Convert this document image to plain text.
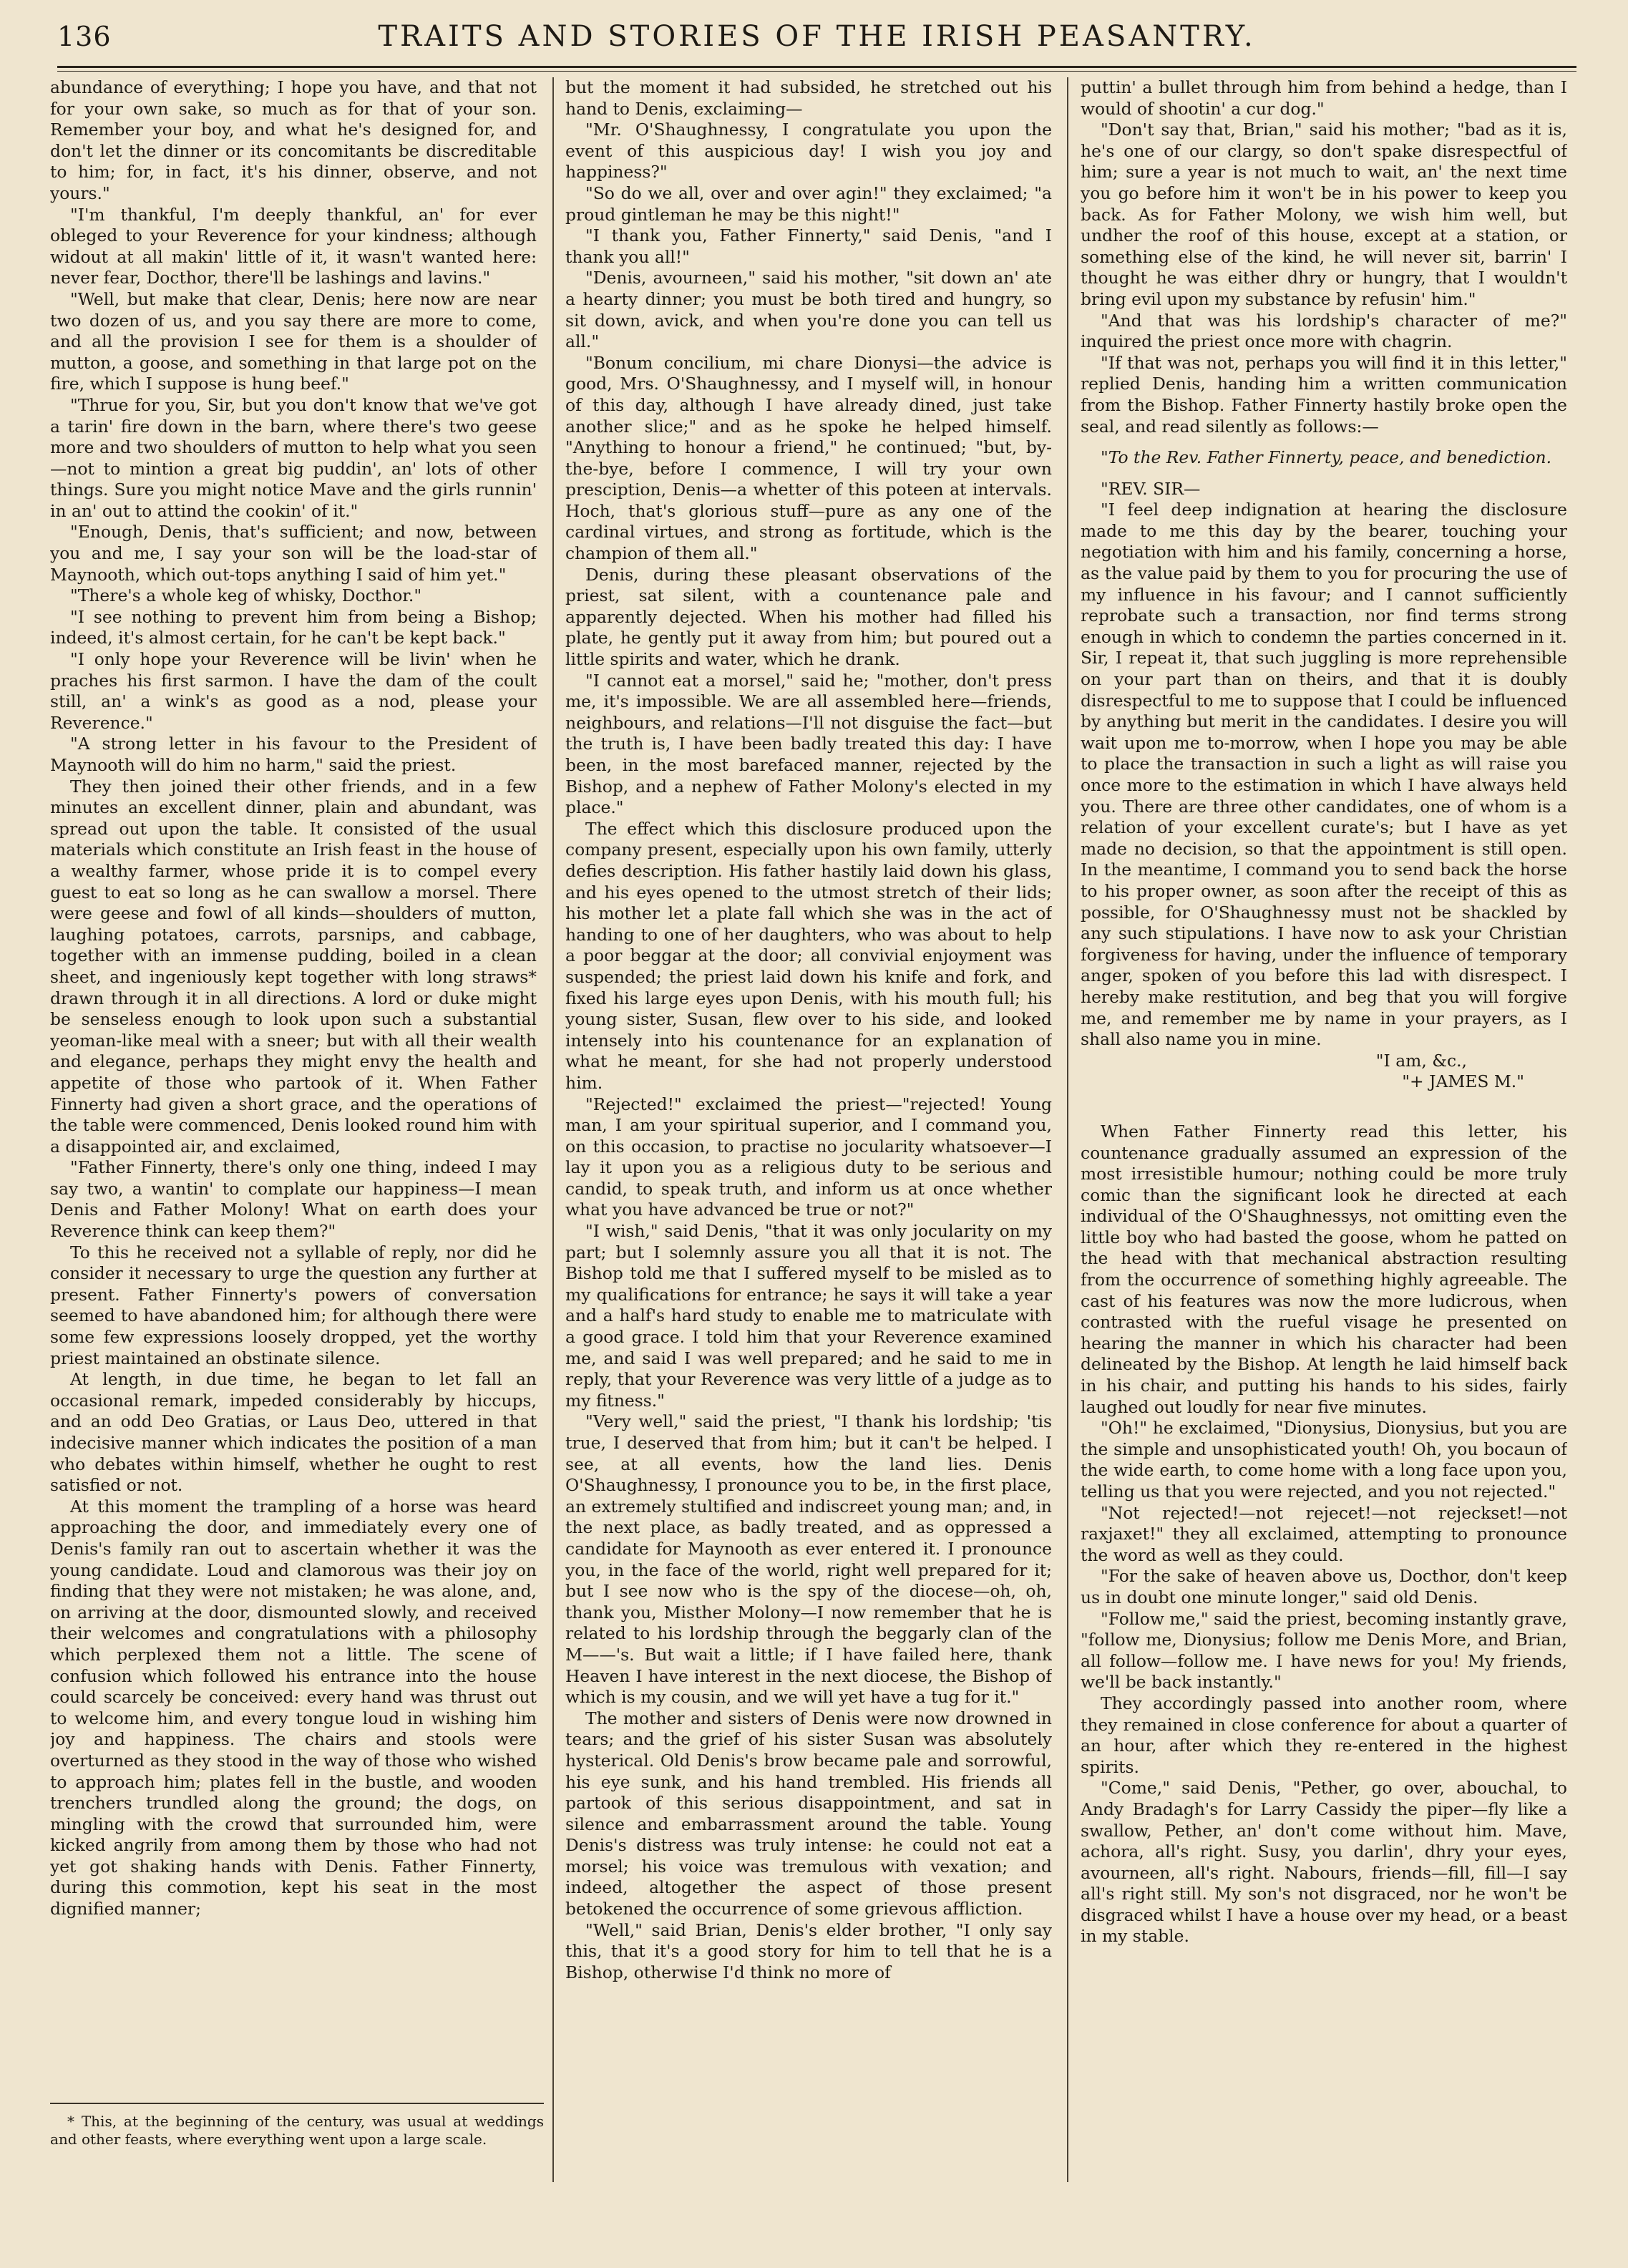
136	TRAITS AND STORIES OF THE IRISH PEASANTRY.

abundance of everything; I hope you have, and that not for your own sake, so much as for that of your son. Remember your boy, and what he's designed for, and don't let the dinner or its concomitants be discreditable to him; for, in fact, it's his dinner, observe, and not yours."

"I'm thankful, I'm deeply thankful, an' for ever obleged to your Reverence for your kindness; although widout at all makin' little of it, it wasn't wanted here: never fear, Docthor, there'll be lashings and lavins."

"Well, but make that clear, Denis; here now are near two dozen of us, and you say there are more to come, and all the provision I see for them is a shoulder of mutton, a goose, and something in that large pot on the fire, which I suppose is hung beef."

"Thrue for you, Sir, but you don't know that we've got a tarin' fire down in the barn, where there's two geese more and two shoulders of mutton to help what you seen—not to mintion a great big puddin', an' lots of other things. Sure you might notice Mave and the girls runnin' in an' out to attind the cookin' of it."

"Enough, Denis, that's sufficient; and now, between you and me, I say your son will be the load-star of Maynooth, which out-tops anything I said of him yet."

"There's a whole keg of whisky, Docthor."

"I see nothing to prevent him from being a Bishop; indeed, it's almost certain, for he can't be kept back."

"I only hope your Reverence will be livin' when he praches his first sarmon. I have the dam of the coult still, an' a wink's as good as a nod, please your Reverence."

"A strong letter in his favour to the President of Maynooth will do him no harm," said the priest.

They then joined their other friends, and in a few minutes an excellent dinner, plain and abundant, was spread out upon the table. It consisted of the usual materials which constitute an Irish feast in the house of a wealthy farmer, whose pride it is to compel every guest to eat so long as he can swallow a morsel. There were geese and fowl of all kinds—shoulders of mutton, laughing potatoes, carrots, parsnips, and cabbage, together with an immense pudding, boiled in a clean sheet, and ingeniously kept together with long straws* drawn through it in all directions. A lord or duke might be senseless enough to look upon such a substantial yeoman-like meal with a sneer; but with all their wealth and elegance, perhaps they might envy the health and appetite of those who partook of it. When Father Finnerty had given a short grace, and the operations of the table were commenced, Denis looked round him with a disappointed air, and exclaimed,

"Father Finnerty, there's only one thing, indeed I may say two, a wantin' to complate our happiness—I mean Denis and Father Molony! What on earth does your Reverence think can keep them?"

To this he received not a syllable of reply, nor did he consider it necessary to urge the question any further at present. Father Finnerty's powers of conversation seemed to have abandoned him; for although there were some few expressions loosely dropped, yet the worthy priest maintained an obstinate silence.

At length, in due time, he began to let fall an occasional remark, impeded considerably by hiccups, and an odd Deo Gratias, or Laus Deo, uttered in that indecisive manner which indicates the position of a man who debates within himself, whether he ought to rest satisfied or not.

At this moment the trampling of a horse was heard approaching the door, and immediately every one of Denis's family ran out to ascertain whether it was the young candidate. Loud and clamorous was their joy on finding that they were not mistaken; he was alone, and, on arriving at the door, dismounted slowly, and received their welcomes and congratulations with a philosophy which perplexed them not a little. The scene of confusion which followed his entrance into the house could scarcely be conceived: every hand was thrust out to welcome him, and every tongue loud in wishing him joy and happiness. The chairs and stools were overturned as they stood in the way of those who wished to approach him; plates fell in the bustle, and wooden trenchers trundled along the ground; the dogs, on mingling with the crowd that surrounded him, were kicked angrily from among them by those who had not yet got shaking hands with Denis. Father Finnerty, during this commotion, kept his seat in the most dignified manner;

* This, at the beginning of the century, was usual at weddings and other feasts, where everything went upon a large scale.

but the moment it had subsided, he stretched out his hand to Denis, exclaiming—

"Mr. O'Shaughnessy, I congratulate you upon the event of this auspicious day! I wish you joy and happiness?"

"So do we all, over and over agin!" they exclaimed; "a proud gintleman he may be this night!"

"I thank you, Father Finnerty," said Denis, "and I thank you all!"

"Denis, avourneen," said his mother, "sit down an' ate a hearty dinner; you must be both tired and hungry, so sit down, avick, and when you're done you can tell us all."

"Bonum concilium, mi chare Dionysi—the advice is good, Mrs. O'Shaughnessy, and I myself will, in honour of this day, although I have already dined, just take another slice;" and as he spoke he helped himself. "Anything to honour a friend," he continued; "but, by-the-bye, before I commence, I will try your own presciption, Denis—a whetter of this poteen at intervals. Hoch, that's glorious stuff—pure as any one of the cardinal virtues, and strong as fortitude, which is the champion of them all."

Denis, during these pleasant observations of the priest, sat silent, with a countenance pale and apparently dejected. When his mother had filled his plate, he gently put it away from him; but poured out a little spirits and water, which he drank.

"I cannot eat a morsel," said he; "mother, don't press me, it's impossible. We are all assembled here—friends, neighbours, and relations—I'll not disguise the fact—but the truth is, I have been badly treated this day: I have been, in the most barefaced manner, rejected by the Bishop, and a nephew of Father Molony's elected in my place."

The effect which this disclosure produced upon the company present, especially upon his own family, utterly defies description. His father hastily laid down his glass, and his eyes opened to the utmost stretch of their lids; his mother let a plate fall which she was in the act of handing to one of her daughters, who was about to help a poor beggar at the door; all convivial enjoyment was suspended; the priest laid down his knife and fork, and fixed his large eyes upon Denis, with his mouth full; his young sister, Susan, flew over to his side, and looked intensely into his countenance for an explanation of what he meant, for she had not properly understood him.

"Rejected!" exclaimed the priest—"rejected! Young man, I am your spiritual superior, and I command you, on this occasion, to practise no jocularity whatsoever—I lay it upon you as a religious duty to be serious and candid, to speak truth, and inform us at once whether what you have advanced be true or not?"

"I wish," said Denis, "that it was only jocularity on my part; but I solemnly assure you all that it is not. The Bishop told me that I suffered myself to be misled as to my qualifications for entrance; he says it will take a year and a half's hard study to enable me to matriculate with a good grace. I told him that your Reverence examined me, and said I was well prepared; and he said to me in reply, that your Reverence was very little of a judge as to my fitness."

"Very well," said the priest, "I thank his lordship; 'tis true, I deserved that from him; but it can't be helped. I see, at all events, how the land lies. Denis O'Shaughnessy, I pronounce you to be, in the first place, an extremely stultified and indiscreet young man; and, in the next place, as badly treated, and as oppressed a candidate for Maynooth as ever entered it. I pronounce you, in the face of the world, right well prepared for it; but I see now who is the spy of the diocese—oh, oh, thank you, Misther Molony—I now remember that he is related to his lordship through the beggarly clan of the M——'s. But wait a little; if I have failed here, thank Heaven I have interest in the next diocese, the Bishop of which is my cousin, and we will yet have a tug for it."

The mother and sisters of Denis were now drowned in tears; and the grief of his sister Susan was absolutely hysterical. Old Denis's brow became pale and sorrowful, his eye sunk, and his hand trembled. His friends all partook of this serious disappointment, and sat in silence and embarrassment around the table. Young Denis's distress was truly intense: he could not eat a morsel; his voice was tremulous with vexation; and indeed, altogether the aspect of those present betokened the occurrence of some grievous affliction.

"Well," said Brian, Denis's elder brother, "I only say this, that it's a good story for him to tell that he is a Bishop, otherwise I'd think no more of

puttin' a bullet through him from behind a hedge, than I would of shootin' a cur dog."

"Don't say that, Brian," said his mother; "bad as it is, he's one of our clargy, so don't spake disrespectful of him; sure a year is not much to wait, an' the next time you go before him it won't be in his power to keep you back. As for Father Molony, we wish him well, but undher the roof of this house, except at a station, or something else of the kind, he will never sit, barrin' I thought he was either dhry or hungry, that I wouldn't bring evil upon my substance by refusin' him."

"And that was his lordship's character of me?" inquired the priest once more with chagrin.

"If that was not, perhaps you will find it in this letter," replied Denis, handing him a written communication from the Bishop. Father Finnerty hastily broke open the seal, and read silently as follows:—

"To the Rev. Father Finnerty, peace, and benediction.

"REV. SIR—

"I feel deep indignation at hearing the disclosure made to me this day by the bearer, touching your negotiation with him and his family, concerning a horse, as the value paid by them to you for procuring the use of my influence in his favour; and I cannot sufficiently reprobate such a transaction, nor find terms strong enough in which to condemn the parties concerned in it. Sir, I repeat it, that such juggling is more reprehensible on your part than on theirs, and that it is doubly disrespectful to me to suppose that I could be influenced by anything but merit in the candidates. I desire you will wait upon me to-morrow, when I hope you may be able to place the transaction in such a light as will raise you once more to the estimation in which I have always held you. There are three other candidates, one of whom is a relation of your excellent curate's; but I have as yet made no decision, so that the appointment is still open. In the meantime, I command you to send back the horse to his proper owner, as soon after the receipt of this as possible, for O'Shaughnessy must not be shackled by any such stipulations. I have now to ask your Christian forgiveness for having, under the influence of temporary anger, spoken of you before this lad with disrespect. I hereby make restitution, and beg that you will forgive me, and remember me by name in your prayers, as I shall also name you in mine.

"I am, &c.,

"+ JAMES M."

When Father Finnerty read this letter, his countenance gradually assumed an expression of the most irresistible humour; nothing could be more truly comic than the significant look he directed at each individual of the O'Shaughnessys, not omitting even the little boy who had basted the goose, whom he patted on the head with that mechanical abstraction resulting from the occurrence of something highly agreeable. The cast of his features was now the more ludicrous, when contrasted with the rueful visage he presented on hearing the manner in which his character had been delineated by the Bishop. At length he laid himself back in his chair, and putting his hands to his sides, fairly laughed out loudly for near five minutes.

"Oh!" he exclaimed, "Dionysius, Dionysius, but you are the simple and unsophisticated youth! Oh, you bocaun of the wide earth, to come home with a long face upon you, telling us that you were rejected, and you not rejected."

"Not rejected!—not rejecet!—not rejeckset!—not raxjaxet!" they all exclaimed, attempting to pronounce the word as well as they could.

"For the sake of heaven above us, Docthor, don't keep us in doubt one minute longer," said old Denis.

"Follow me," said the priest, becoming instantly grave, "follow me, Dionysius; follow me Denis More, and Brian, all follow—follow me. I have news for you! My friends, we'll be back instantly."

They accordingly passed into another room, where they remained in close conference for about a quarter of an hour, after which they re-entered in the highest spirits.

"Come," said Denis, "Pether, go over, abouchal, to Andy Bradagh's for Larry Cassidy the piper—fly like a swallow, Pether, an' don't come without him. Mave, achora, all's right. Susy, you darlin', dhry your eyes, avourneen, all's right. Nabours, friends—fill, fill—I say all's right still. My son's not disgraced, nor he won't be disgraced whilst I have a house over my head, or a beast in my stable.
